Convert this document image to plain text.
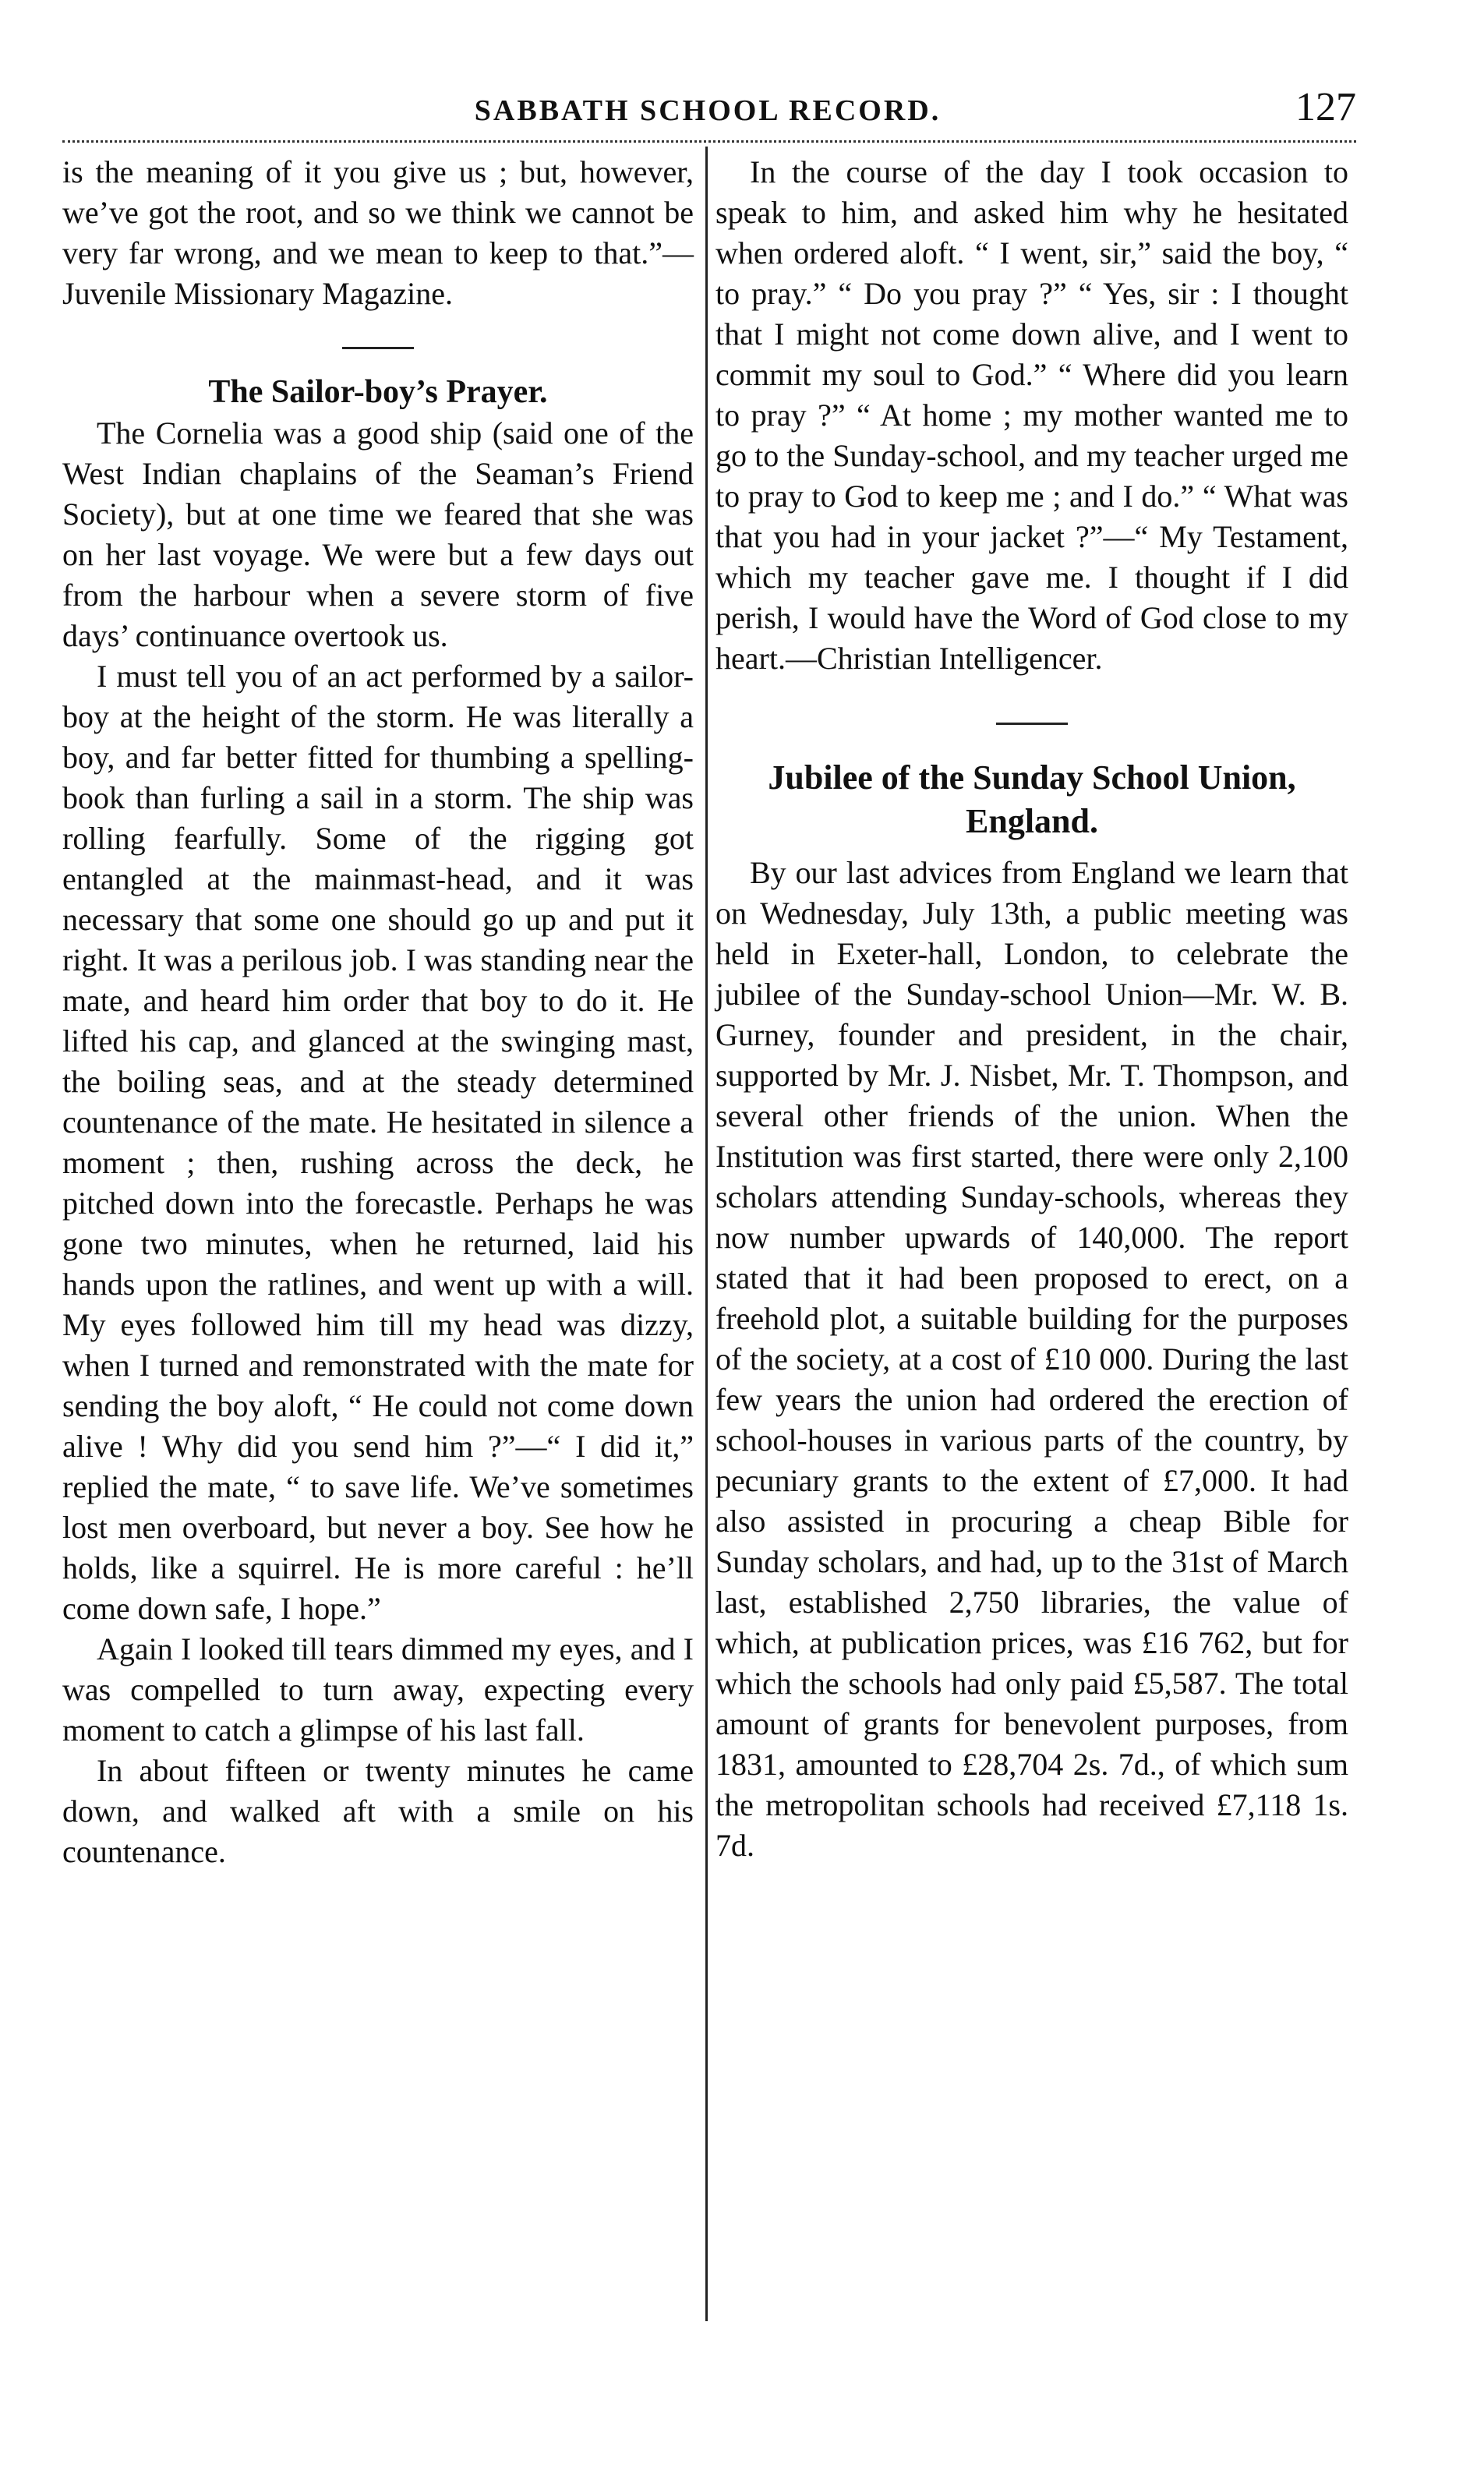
SABBATH SCHOOL RECORD.	127

is the meaning of it you give us ; but, however, we’ve got the root, and so we think we cannot be very far wrong, and we mean to keep to that.”—Juvenile Missionary Magazine.

The Sailor-boy’s Prayer.

The Cornelia was a good ship (said one of the West Indian chaplains of the Seaman’s Friend Society), but at one time we feared that she was on her last voyage. We were but a few days out from the harbour when a severe storm of five days’ continuance overtook us.

I must tell you of an act performed by a sailor-boy at the height of the storm. He was literally a boy, and far better fitted for thumbing a spelling-book than furling a sail in a storm. The ship was rolling fearfully. Some of the rigging got entangled at the mainmast-head, and it was necessary that some one should go up and put it right. It was a perilous job. I was standing near the mate, and heard him order that boy to do it. He lifted his cap, and glanced at the swinging mast, the boiling seas, and at the steady determined countenance of the mate. He hesitated in silence a moment ; then, rushing across the deck, he pitched down into the forecastle. Perhaps he was gone two minutes, when he returned, laid his hands upon the ratlines, and went up with a will. My eyes followed him till my head was dizzy, when I turned and remonstrated with the mate for sending the boy aloft, “ He could not come down alive ! Why did you send him ?”—“ I did it,” replied the mate, “ to save life. We’ve sometimes lost men overboard, but never a boy. See how he holds, like a squirrel. He is more careful : he’ll come down safe, I hope.”

Again I looked till tears dimmed my eyes, and I was compelled to turn away, expecting every moment to catch a glimpse of his last fall.

In about fifteen or twenty minutes he came down, and walked aft with a smile on his countenance.

In the course of the day I took occasion to speak to him, and asked him why he hesitated when ordered aloft. “ I went, sir,” said the boy, “ to pray.” “ Do you pray ?” “ Yes, sir : I thought that I might not come down alive, and I went to commit my soul to God.” “ Where did you learn to pray ?” “ At home ; my mother wanted me to go to the Sunday-school, and my teacher urged me to pray to God to keep me ; and I do.” “ What was that you had in your jacket ?”—“ My Testament, which my teacher gave me. I thought if I did perish, I would have the Word of God close to my heart.—Christian Intelligencer.

Jubilee of the Sunday School Union,
England.

By our last advices from England we learn that on Wednesday, July 13th, a public meeting was held in Exeter-hall, London, to celebrate the jubilee of the Sunday-school Union—Mr. W. B. Gurney, founder and president, in the chair, supported by Mr. J. Nisbet, Mr. T. Thompson, and several other friends of the union. When the Institution was first started, there were only 2,100 scholars attending Sunday-schools, whereas they now number upwards of 140,000. The report stated that it had been proposed to erect, on a freehold plot, a suitable building for the purposes of the society, at a cost of £10 000. During the last few years the union had ordered the erection of school-houses in various parts of the country, by pecuniary grants to the extent of £7,000. It had also assisted in procuring a cheap Bible for Sunday scholars, and had, up to the 31st of March last, established 2,750 libraries, the value of which, at publication prices, was £16 762, but for which the schools had only paid £5,587. The total amount of grants for benevolent purposes, from 1831, amounted to £28,704 2s. 7d., of which sum the metropolitan schools had received £7,118 1s. 7d.
